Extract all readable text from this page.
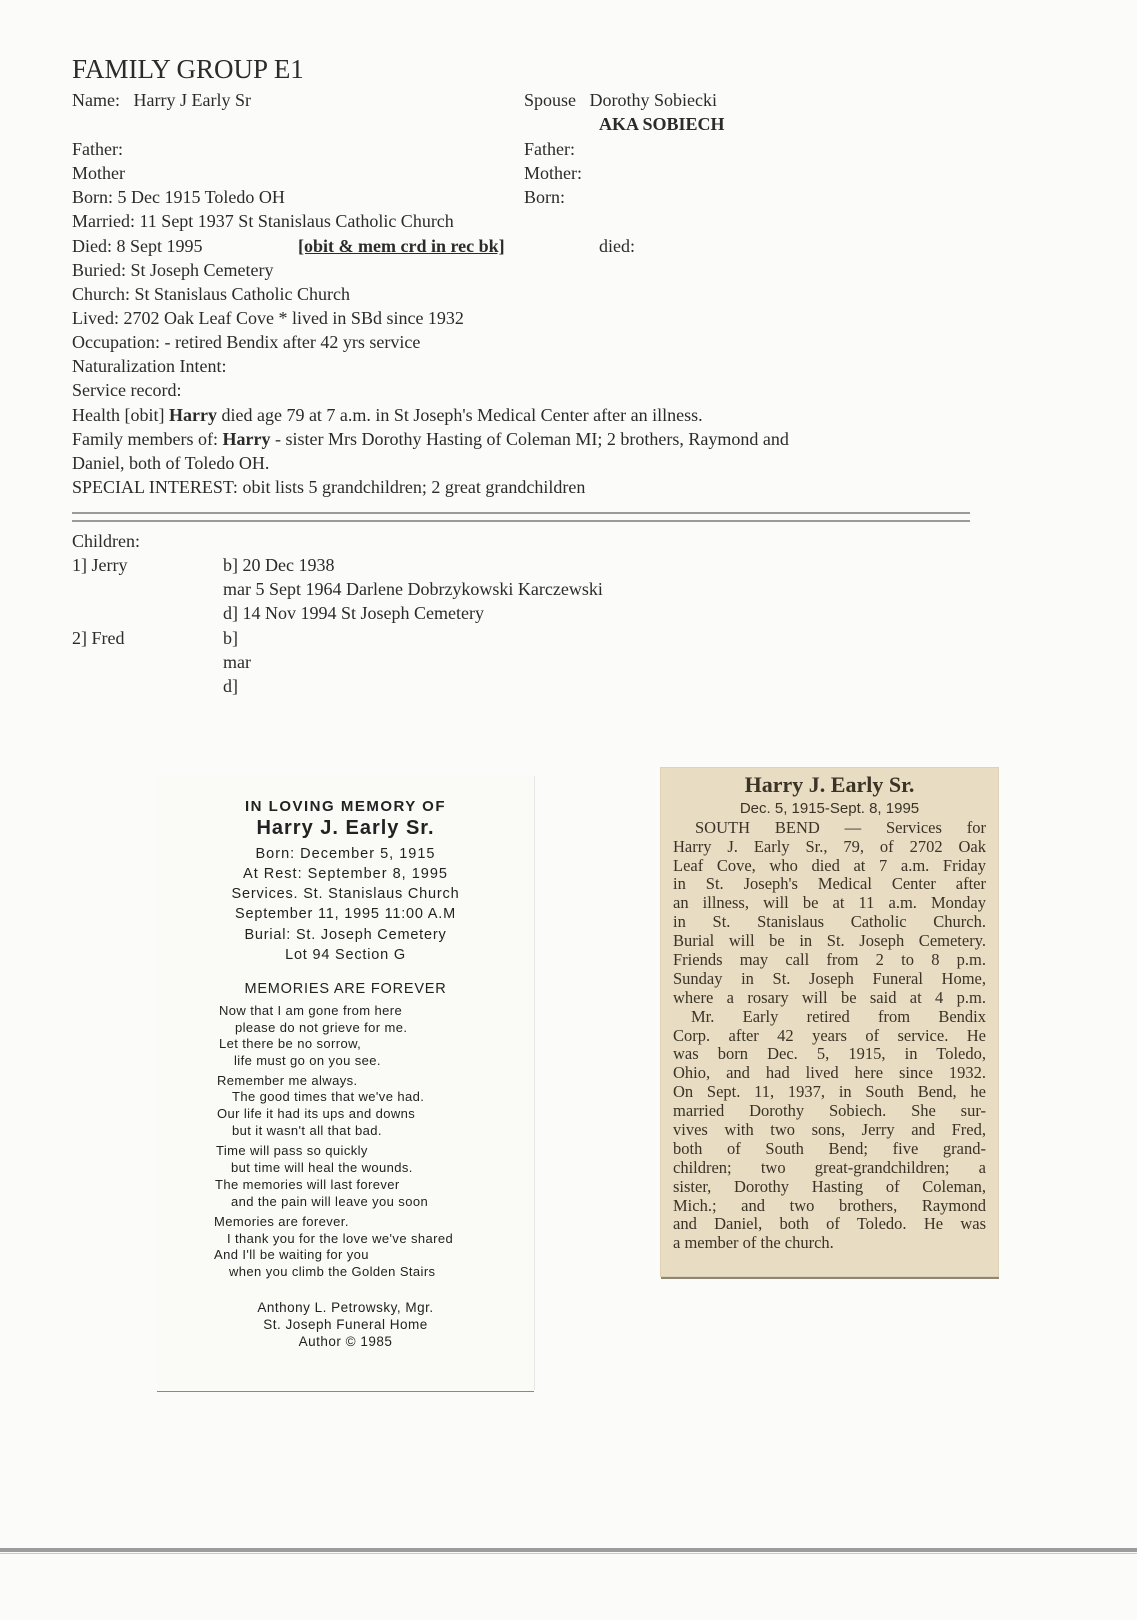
FAMILY GROUP E1
Name: Harry J Early Sr	Spouse Dorothy Sobiecki
AKA SOBIECH
Father:	Father:
Mother	Mother:
Born: 5 Dec 1915 Toledo OH	Born:
Married: 11 Sept 1937 St Stanislaus Catholic Church
Died: 8 Sept 1995	[obit & mem crd in rec bk]	died:
Buried: St Joseph Cemetery
Church: St Stanislaus Catholic Church
Lived: 2702 Oak Leaf Cove * lived in SBd since 1932
Occupation: - retired Bendix after 42 yrs service
Naturalization Intent:
Service record:
Health [obit] Harry died age 79 at 7 a.m. in St Joseph's Medical Center after an illness.
Family members of: Harry - sister Mrs Dorothy Hasting of Coleman MI; 2 brothers, Raymond and
Daniel, both of Toledo OH.
SPECIAL INTEREST: obit lists 5 grandchildren; 2 great grandchildren
Children:
1] Jerry	b] 20 Dec 1938
mar 5 Sept 1964 Darlene Dobrzykowski Karczewski
d] 14 Nov 1994 St Joseph Cemetery
2] Fred	b]
mar
d]
IN LOVING MEMORY OF
Harry J. Early Sr.
Born: December 5, 1915
At Rest: September 8, 1995
Services. St. Stanislaus Church
September 11, 1995 11:00 A.M
Burial: St. Joseph Cemetery
Lot 94 Section G
MEMORIES ARE FOREVER
Now that I am gone from here
please do not grieve for me.
Let there be no sorrow,
life must go on you see.
Remember me always.
The good times that we've had.
Our life it had its ups and downs
but it wasn't all that bad.
Time will pass so quickly
but time will heal the wounds.
The memories will last forever
and the pain will leave you soon
Memories are forever.
I thank you for the love we've shared
And I'll be waiting for you
when you climb the Golden Stairs
Anthony L. Petrowsky, Mgr.
St. Joseph Funeral Home
Author © 1985
Harry J. Early Sr.
Dec. 5, 1915-Sept. 8, 1995
SOUTH BEND — Services for
Harry J. Early Sr., 79, of 2702 Oak
Leaf Cove, who died at 7 a.m. Friday
in St. Joseph's Medical Center after
an illness, will be at 11 a.m. Monday
in St. Stanislaus Catholic Church.
Burial will be in St. Joseph Cemetery.
Friends may call from 2 to 8 p.m.
Sunday in St. Joseph Funeral Home,
where a rosary will be said at 4 p.m.
Mr. Early retired from Bendix
Corp. after 42 years of service. He
was born Dec. 5, 1915, in Toledo,
Ohio, and had lived here since 1932.
On Sept. 11, 1937, in South Bend, he
married Dorothy Sobiech. She sur-
vives with two sons, Jerry and Fred,
both of South Bend; five grand-
children; two great-grandchildren; a
sister, Dorothy Hasting of Coleman,
Mich.; and two brothers, Raymond
and Daniel, both of Toledo. He was
a member of the church.
